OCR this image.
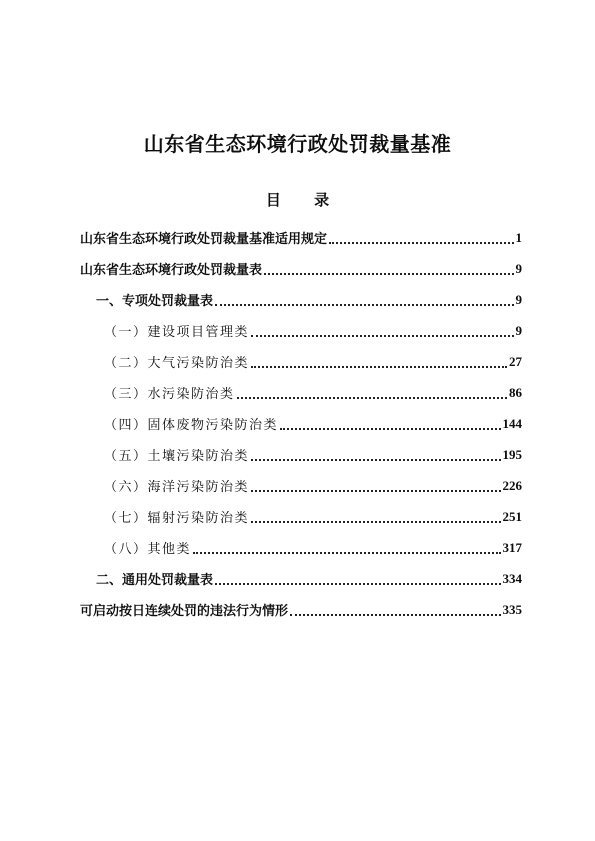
山东省生态环境行政处罚裁量基准
目 录
山东省生态环境行政处罚裁量基准适用规定	1
山东省生态环境行政处罚裁量表	9
一、专项处罚裁量表	9
（一）建设项目管理类	9
（二）大气污染防治类	27
（三）水污染防治类	86
（四）固体废物污染防治类	144
（五）土壤污染防治类	195
（六）海洋污染防治类	226
（七）辐射污染防治类	251
（八）其他类	317
二、通用处罚裁量表	334
可启动按日连续处罚的违法行为情形	335
